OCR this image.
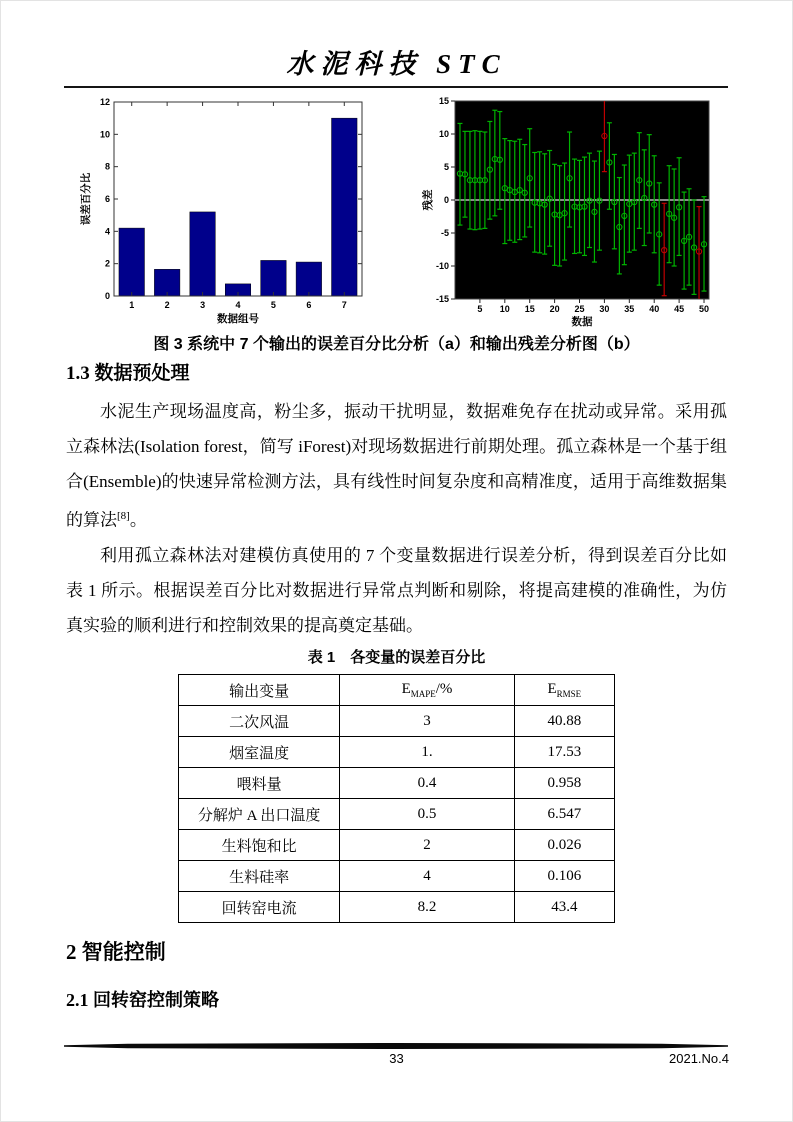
水泥科技 STC
0
2
4
6
8
10
12
1	2	3	4	5	6	7
数据组号
误差百分比
-15
-10
-5
0
5
10
15
5 10 15 20 25 30 35 40 45 50
数据
残差
图 3 系统中 7 个输出的误差百分比分析（a）和输出残差分析图（b）

1.3 数据预处理

水泥生产现场温度高，粉尘多，振动干扰明显，数据难免存在扰动或异常。采用孤立森林法(Isolation forest，简写 iForest)对现场数据进行前期处理。孤立森林是一个基于组合(Ensemble)的快速异常检测方法，具有线性时间复杂度和高精准度，适用于高维数据集的算法[8]。

利用孤立森林法对建模仿真使用的 7 个变量数据进行误差分析，得到误差百分比如表 1 所示。根据误差百分比对数据进行异常点判断和剔除，将提高建模的准确性，为仿真实验的顺利进行和控制效果的提高奠定基础。

表 1　各变量的误差百分比
输出变量	$E_{MAPE}/\%$	$E_{RMSE}$
二次风温	3	40.88
烟室温度	1.	17.53
喂料量	0.4	0.958
分解炉 A 出口温度	0.5	6.547
生料饱和比	2	0.026
生料硅率	4	0.106
回转窑电流	8.2	43.4

2 智能控制

2.1 回转窑控制策略

33	2021.No.4
